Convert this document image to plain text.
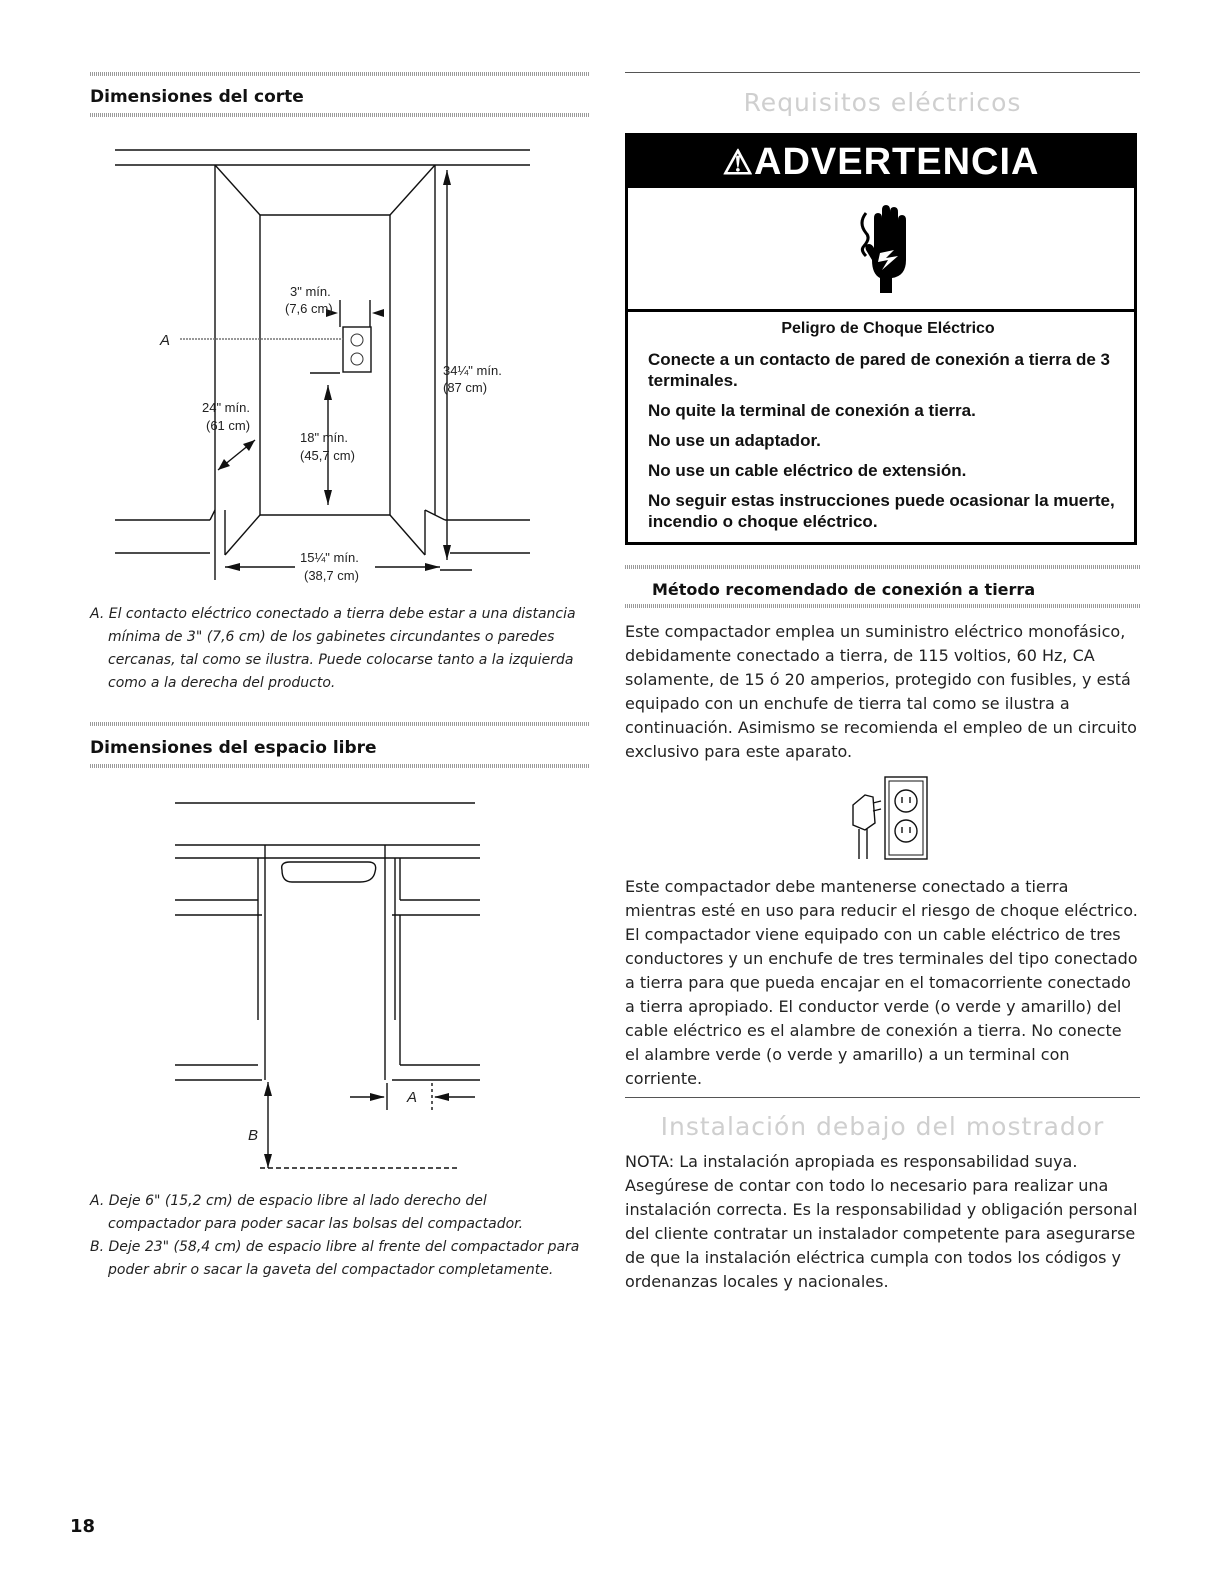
Dimensiones del corte
A
3" mín.
(7,6 cm)
24" mín.
(61 cm)
18" mín.
(45,7 cm)
34¼" mín.
(87 cm)
15¼" mín.
(38,7 cm)

A. El contacto eléctrico conectado a tierra debe estar a una distancia mínima de 3" (7,6 cm) de los gabinetes circundantes o paredes cercanas, tal como se ilustra. Puede colocarse tanto a la izquierda como a la derecha del producto.

Dimensiones del espacio libre
A
B

A. Deje 6" (15,2 cm) de espacio libre al lado derecho del compactador para poder sacar las bolsas del compactador.

B. Deje 23" (58,4 cm) de espacio libre al frente del compactador para poder abrir o sacar la gaveta del compactador completamente.

Requisitos eléctricos
⚠ADVERTENCIA

Peligro de Choque Eléctrico

Conecte a un contacto de pared de conexión a tierra de 3 terminales.

No quite la terminal de conexión a tierra.

No use un adaptador.

No use un cable eléctrico de extensión.

No seguir estas instrucciones puede ocasionar la muerte, incendio o choque eléctrico.

Método recomendado de conexión a tierra
Este compactador emplea un suministro eléctrico monofásico, debidamente conectado a tierra, de 115 voltios, 60 Hz, CA solamente, de 15 ó 20 amperios, protegido con fusibles, y está equipado con un enchufe de tierra tal como se ilustra a continuación. Asimismo se recomienda el empleo de un circuito exclusivo para este aparato.
Este compactador debe mantenerse conectado a tierra mientras esté en uso para reducir el riesgo de choque eléctrico. El compactador viene equipado con un cable eléctrico de tres conductores y un enchufe de tres terminales del tipo conectado a tierra para que pueda encajar en el tomacorriente conectado a tierra apropiado. El conductor verde (o verde y amarillo) del cable eléctrico es el alambre de conexión a tierra. No conecte el alambre verde (o verde y amarillo) a un terminal con corriente.
Instalación debajo del mostrador
NOTA: La instalación apropiada es responsabilidad suya. Asegúrese de contar con todo lo necesario para realizar una instalación correcta. Es la responsabilidad y obligación personal del cliente contratar un instalador competente para asegurarse de que la instalación eléctrica cumpla con todos los códigos y ordenanzas locales y nacionales.
18
